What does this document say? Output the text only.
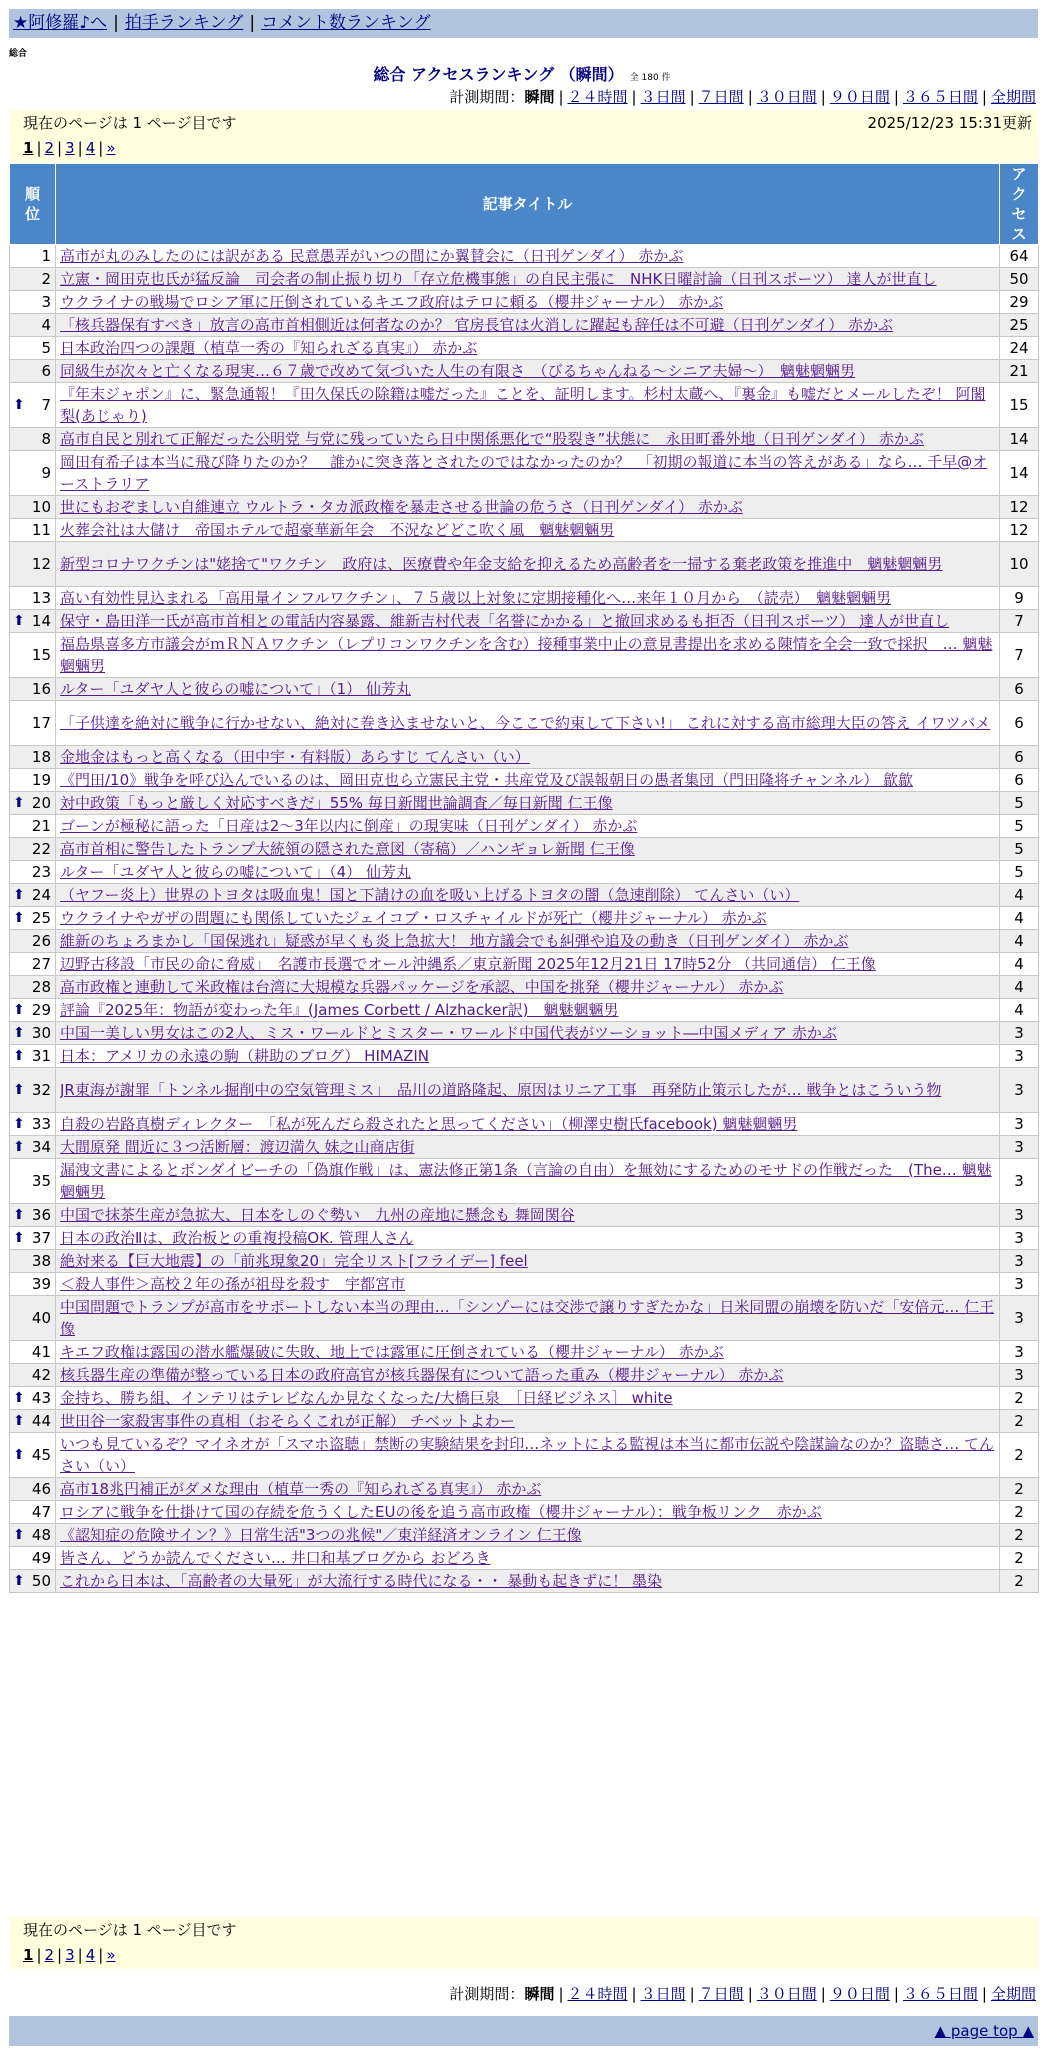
★阿修羅♪へ | 拍手ランキング | コメント数ランキング
総合
総合 アクセスランキング （瞬間） 全 180 件
計測期間：瞬間 | ２４時間 | ３日間 | ７日間 | ３０日間 | ９０日間 | ３６５日間 | 全期間
現在のページは 1 ページ目です	2025/12/23 15:31更新
1 | 2 | 3 | 4 | »
順位	記事タイトル	アクセス
1	高市が丸のみしたのには訳がある 民意愚弄がいつの間にか翼賛会に（日刊ゲンダイ） 赤かぶ	64
2	立憲・岡田克也氏が猛反論　司会者の制止振り切り「存立危機事態」の自民主張に　NHK日曜討論（日刊スポーツ） 達人が世直し	50
3	ウクライナの戦場でロシア軍に圧倒されているキエフ政府はテロに頼る（櫻井ジャーナル） 赤かぶ	29
4	「核兵器保有すべき」放言の高市首相側近は何者なのか？ 官房長官は火消しに躍起も辞任は不可避（日刊ゲンダイ） 赤かぶ	25
5	日本政治四つの課題（植草一秀の『知られざる真実』） 赤かぶ	24
6	同級生が次々と亡くなる現実…６７歳で改めて気づいた人生の有限さ　（びるちゃんねる～シニア夫婦～）　魑魅魍魎男	21

⬆ 7	『年末ジャポン』に、緊急通報！『田久保氏の除籍は嘘だった』ことを、証明します。杉村太蔵へ、『裏金』も嘘だとメールしたぞ！ 阿闍梨(あじゃり)	15
8	高市自民と別れて正解だった公明党 与党に残っていたら日中関係悪化で“股裂き”状態に　永田町番外地（日刊ゲンダイ） 赤かぶ	14
9	岡田有希子は本当に飛び降りたのか？　誰かに突き落とされたのではなかったのか？　「初期の報道に本当の答えがある」なら… 千早@オーストラリア	14
10	世にもおぞましい自維連立 ウルトラ・タカ派政権を暴走させる世論の危うさ（日刊ゲンダイ） 赤かぶ	12
11	火葬会社は大儲け　帝国ホテルで超豪華新年会　不況などどこ吹く風　魑魅魍魎男	12
12	新型コロナワクチンは"姥捨て"ワクチン　政府は、医療費や年金支給を抑えるため高齢者を一掃する棄老政策を推進中　魑魅魍魎男	10
13	高い有効性見込まれる「高用量インフルワクチン」、７５歳以上対象に定期接種化へ…来年１０月から　（読売）　魑魅魍魎男	9

⬆ 14	保守・島田洋一氏が高市首相との電話内容暴露、維新吉村代表「名誉にかかる」と撤回求めるも拒否（日刊スポーツ） 達人が世直し	7
15	福島県喜多方市議会がｍＲＮＡワクチン（レプリコンワクチンを含む）接種事業中止の意見書提出を求める陳情を全会一致で採択　… 魑魅魍魎男	7
16	ルター「ユダヤ人と彼らの嘘について」（1） 仙芳丸	6
17	「子供達を絶対に戦争に行かせない、絶対に巻き込ませないと、今ここで約束して下さい!」 これに対する高市総理大臣の答え イワツバメ	6
18	金地金はもっと高くなる（田中宇・有料版）あらすじ てんさい（い）	6
19	《門田/10》戦争を呼び込んでいるのは、岡田克也ら立憲民主党・共産党及び誤報朝日の愚者集団（門田隆将チャンネル） 歙歙	6

⬆ 20	対中政策「もっと厳しく対応すべきだ」55% 毎日新聞世論調査／毎日新聞 仁王像	5
21	ゴーンが極秘に語った「日産は2～3年以内に倒産」の現実味（日刊ゲンダイ） 赤かぶ	5
22	高市首相に警告したトランプ大統領の隠された意図（寄稿）／ハンギョレ新聞 仁王像	5
23	ルター「ユダヤ人と彼らの嘘について」（4） 仙芳丸	5

⬆ 24	（ヤフー炎上）世界のトヨタは吸血鬼！国と下請けの血を吸い上げるトヨタの闇（急速削除） てんさい（い）	4

⬆ 25	ウクライナやガザの問題にも関係していたジェイコブ・ロスチャイルドが死亡（櫻井ジャーナル） 赤かぶ	4
26	維新のちょろまかし「国保逃れ」疑惑が早くも炎上急拡大！ 地方議会でも糾弾や追及の動き（日刊ゲンダイ） 赤かぶ	4
27	辺野古移設「市民の命に脅威」　名護市長選でオール沖縄系／東京新聞 2025年12月21日 17時52分 （共同通信） 仁王像	4
28	高市政権と連動して米政権は台湾に大規模な兵器パッケージを承認、中国を挑発（櫻井ジャーナル） 赤かぶ	4

⬆ 29	評論『2025年：物語が変わった年』(James Corbett / Alzhacker訳)　魑魅魍魎男	4

⬆ 30	中国一美しい男女はこの2人、ミス・ワールドとミスター・ワールド中国代表がツーショット―中国メディア 赤かぶ	3

⬆ 31	日本：アメリカの永遠の駒（耕助のブログ） HIMAZIN	3

⬆ 32	JR東海が謝罪「トンネル掘削中の空気管理ミス」　品川の道路隆起、原因はリニア工事　再発防止策示したが… 戦争とはこういう物	3

⬆ 33	自殺の岩路真樹ディレクター　「私が死んだら殺されたと思ってください」（柳澤史樹氏facebook) 魑魅魍魎男	3

⬆ 34	大間原発 間近に３つ活断層：渡辺満久 妹之山商店街	3
35	漏洩文書によるとボンダイビーチの「偽旗作戦」は、憲法修正第1条（言論の自由）を無効にするためのモサドの作戦だった　(The… 魑魅魍魎男	3

⬆ 36	中国で抹茶生産が急拡大、日本をしのぐ勢い　九州の産地に懸念も 舞岡関谷	3

⬆ 37	日本の政治Ⅱは、政治板との重複投稿OK. 管理人さん	3
38	絶対来る【巨大地震】の「前兆現象20」完全リスト[フライデー] feel	3
39	＜殺人事件＞高校２年の孫が祖母を殺す　宇都宮市	3
40	中国問題でトランプが高市をサポートしない本当の理由…「シンゾーには交渉で譲りすぎたかな」日米同盟の崩壊を防いだ「安倍元… 仁王像	3
41	キエフ政権は露国の潜水艦爆破に失敗、地上では露軍に圧倒されている（櫻井ジャーナル） 赤かぶ	3
42	核兵器生産の準備が整っている日本の政府高官が核兵器保有について語った重み（櫻井ジャーナル） 赤かぶ	3

⬆ 43	金持ち、勝ち組、インテリはテレビなんか見なくなった/大橋巨泉　［日経ビジネス］ white	2

⬆ 44	世田谷一家殺害事件の真相（おそらくこれが正解） チベットよわー	2

⬆ 45	いつも見ているぞ？マイネオが「スマホ盗聴」禁断の実験結果を封印…ネットによる監視は本当に都市伝説や陰謀論なのか？盗聴さ… てんさい（い）	2
46	高市18兆円補正がダメな理由（植草一秀の『知られざる真実』） 赤かぶ	2
47	ロシアに戦争を仕掛けて国の存続を危うくしたEUの後を追う高市政権（櫻井ジャーナル）：戦争板リンク　赤かぶ	2

⬆ 48	《認知症の危険サイン？》日常生活"3つの兆候"／東洋経済オンライン 仁王像	2
49	皆さん、どうか読んでください… 井口和基ブログから おどろき	2

⬆ 50	これから日本は、「高齢者の大量死」が大流行する時代になる・・ 暴動も起きずに！ 墨染	2
現在のページは 1 ページ目です
1 | 2 | 3 | 4 | »
計測期間：瞬間 | ２４時間 | ３日間 | ７日間 | ３０日間 | ９０日間 | ３６５日間 | 全期間
▲ page top ▲
